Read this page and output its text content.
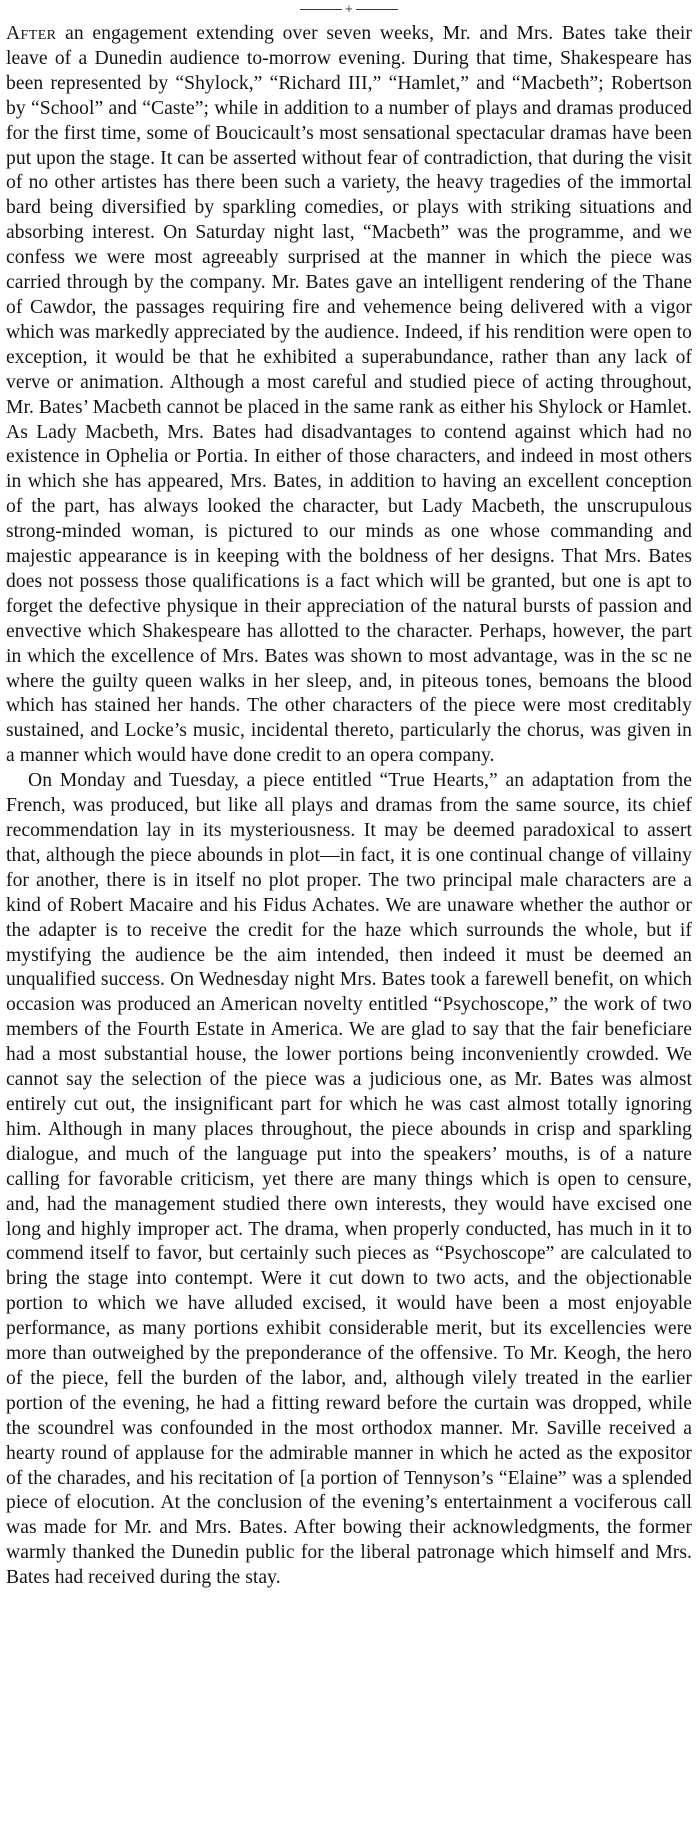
+

After an engagement extending over seven weeks, Mr. and Mrs. Bates take their leave of a Dunedin audience to-morrow evening. During that time, Shakespeare has been represented by “Shylock,” “Richard III,” “Hamlet,” and “Macbeth”; Robertson by “School” and “Caste”; while in addition to a number of plays and dramas produced for the first time, some of Boucicault’s most sensational spectacular dramas have been put upon the stage. It can be asserted without fear of contradiction, that during the visit of no other artistes has there been such a variety, the heavy tragedies of the immortal bard being diversified by sparkling comedies, or plays with striking situations and absorbing interest. On Saturday night last, “Macbeth” was the programme, and we confess we were most agreeably surprised at the manner in which the piece was carried through by the company. Mr. Bates gave an intelligent rendering of the Thane of Cawdor, the passages requiring fire and vehemence being delivered with a vigor which was markedly appreciated by the audience. Indeed, if his rendition were open to exception, it would be that he exhibited a superabundance, rather than any lack of verve or animation. Although a most careful and studied piece of acting throughout, Mr. Bates’ Macbeth cannot be placed in the same rank as either his Shylock or Hamlet. As Lady Macbeth, Mrs. Bates had disadvantages to contend against which had no existence in Ophelia or Portia. In either of those characters, and indeed in most others in which she has appeared, Mrs. Bates, in addition to having an excellent conception of the part, has always looked the character, but Lady Macbeth, the unscrupulous strong-minded woman, is pictured to our minds as one whose commanding and majestic appearance is in keeping with the boldness of her designs. That Mrs. Bates does not possess those qualifications is a fact which will be granted, but one is apt to forget the defective physique in their appreciation of the natural bursts of passion and envective which Shakespeare has allotted to the character. Perhaps, however, the part in which the excellence of Mrs. Bates was shown to most advantage, was in the sc ne where the guilty queen walks in her sleep, and, in piteous tones, bemoans the blood which has stained her hands. The other characters of the piece were most creditably sustained, and Locke’s music, incidental thereto, particularly the chorus, was given in a manner which would have done credit to an opera company.

On Monday and Tuesday, a piece entitled “True Hearts,” an adaptation from the French, was produced, but like all plays and dramas from the same source, its chief recommendation lay in its mysteriousness. It may be deemed paradoxical to assert that, although the piece abounds in plot—in fact, it is one continual change of villainy for another, there is in itself no plot proper. The two principal male characters are a kind of Robert Macaire and his Fidus Achates. We are unaware whether the author or the adapter is to receive the credit for the haze which surrounds the whole, but if mystifying the audience be the aim intended, then indeed it must be deemed an unqualified success. On Wednesday night Mrs. Bates took a farewell benefit, on which occasion was produced an American novelty entitled “Psychoscope,” the work of two members of the Fourth Estate in America. We are glad to say that the fair beneficiare had a most substantial house, the lower portions being inconveniently crowded. We cannot say the selection of the piece was a judicious one, as Mr. Bates was almost entirely cut out, the insignificant part for which he was cast almost totally ignoring him. Although in many places throughout, the piece abounds in crisp and sparkling dialogue, and much of the language put into the speakers’ mouths, is of a nature calling for favorable criticism, yet there are many things which is open to censure, and, had the management studied there own interests, they would have excised one long and highly improper act. The drama, when properly conducted, has much in it to commend itself to favor, but certainly such pieces as “Psychoscope” are calculated to bring the stage into contempt. Were it cut down to two acts, and the objectionable portion to which we have alluded excised, it would have been a most enjoyable performance, as many portions exhibit considerable merit, but its excellencies were more than outweighed by the preponderance of the offensive. To Mr. Keogh, the hero of the piece, fell the burden of the labor, and, although vilely treated in the earlier portion of the evening, he had a fitting reward before the curtain was dropped, while the scoundrel was confounded in the most orthodox manner. Mr. Saville received a hearty round of applause for the admirable manner in which he acted as the expositor of the charades, and his recitation of [a portion of Tennyson’s “Elaine” was a splended piece of elocution. At the conclusion of the evening’s entertainment a vociferous call was made for Mr. and Mrs. Bates. After bowing their acknowledgments, the former warmly thanked the Dunedin public for the liberal patronage which himself and Mrs. Bates had received during the stay.
